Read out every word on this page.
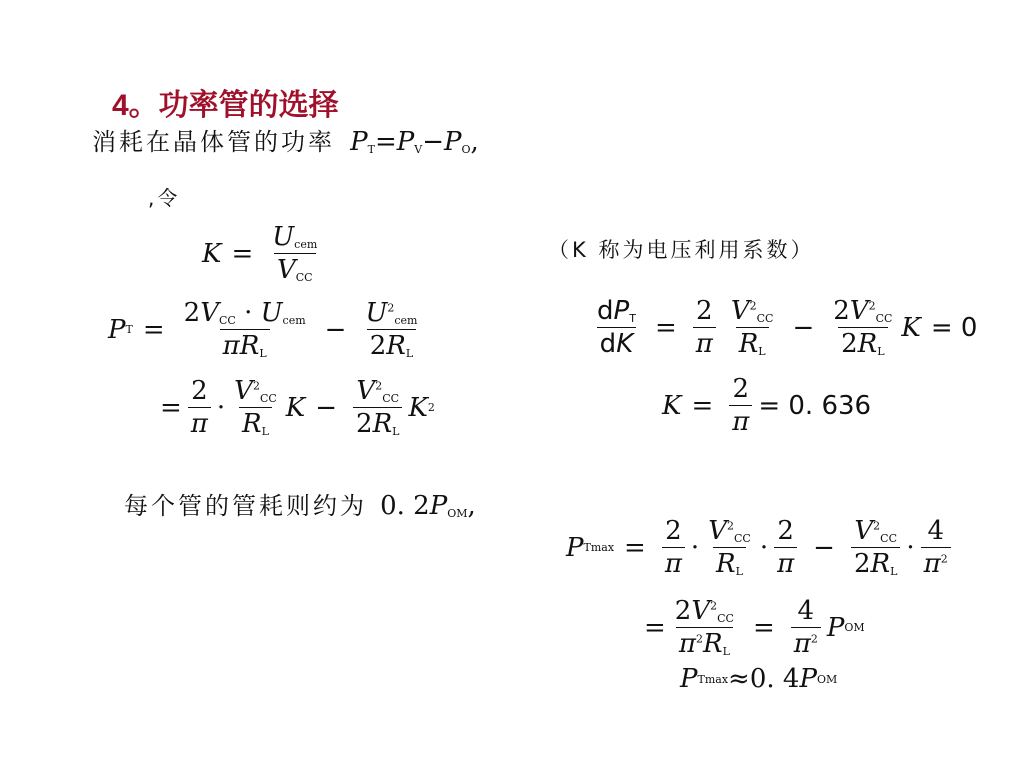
4。功率管的选择
消耗在晶体管的功率 $P_T=P_V-P_O$,
,令
$K = \frac{U_{cem}}{V_{CC}}$	（K 称为电压利用系数）
P $T = \frac{2V_{CC} \cdot U_{cem}}{\pi R_L} - \frac{U^2_{cem}}{2R_L}$
= $\frac{2}{\pi} \cdot \frac{V^2_{CC}}{R_L}$ $K - \frac{V^2_{CC}}{2R_L}$ K 2
$\frac{dP_T}{dK} = \frac{2}{\pi} \frac{V^2_{CC}}{R_L} - \frac{2V^2_{CC}}{2R_L}$ K = 0
$K = \frac{2}{\pi} = 0$. 636
每个管的管耗则约为 0. $2P_{OM}$,
P $Tmax = \frac{2}{\pi} \cdot \frac{V^2_{CC}}{R_L} \cdot \frac{2}{\pi} - \frac{V^2_{CC}}{2R_L} \cdot \frac{4}{\pi^2}$
= $\frac{2V^2_{CC}}{\pi^2R_L} = \frac{4}{\pi^2}$ P OM
P Tmax ≈0. 4 P OM
